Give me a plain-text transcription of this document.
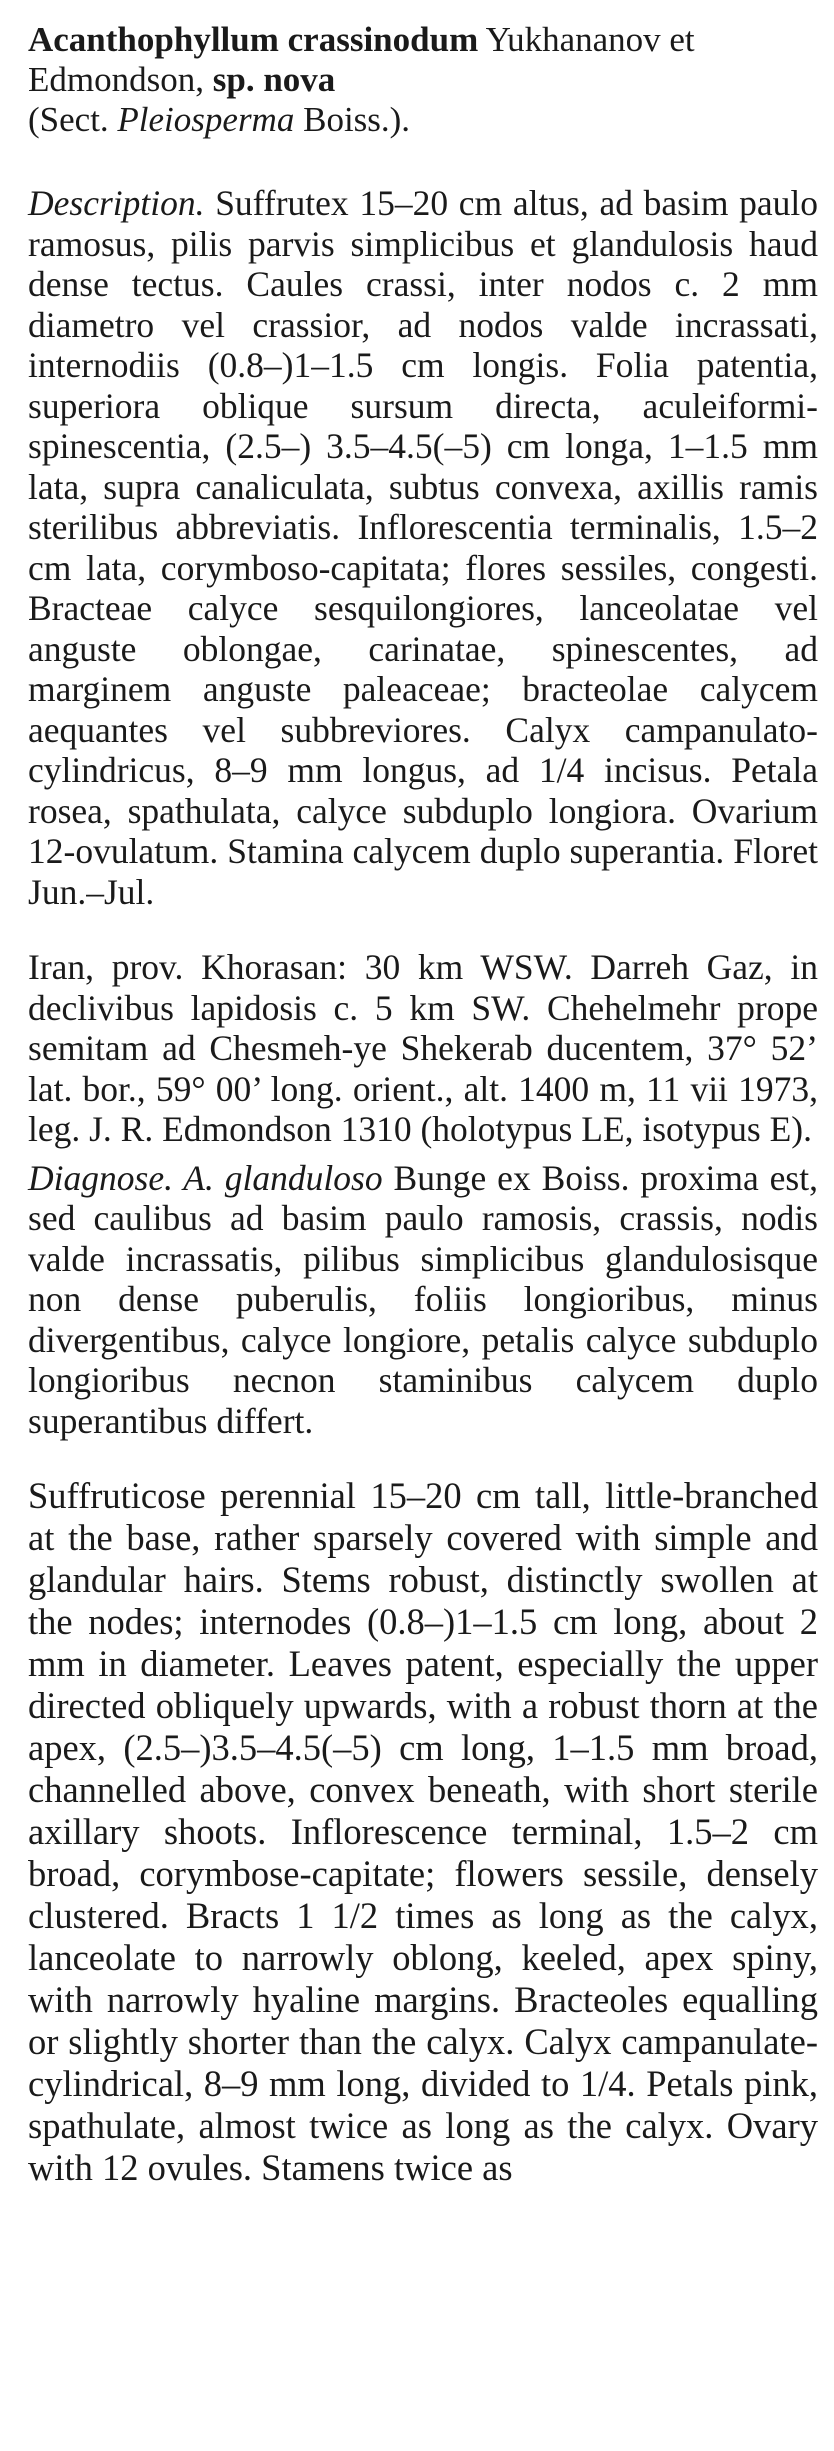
Acanthophyllum crassinodum Yukhananov et Edmondson, sp. nova
(Sect. Pleiosperma Boiss.).

Description. Suffrutex 15–20 cm altus, ad basim paulo ramosus, pilis parvis simplicibus et glandulosis haud dense tectus. Caules crassi, inter nodos c. 2 mm diametro vel crassior, ad nodos valde incrassati, internodiis (0.8–)1–1.5 cm longis. Folia patentia, superiora oblique sursum directa, aculeiformi-spinescentia, (2.5–) 3.5–4.5(–5) cm longa, 1–1.5 mm lata, supra canaliculata, subtus convexa, axillis ramis sterilibus abbreviatis. Inflorescentia terminalis, 1.5–2 cm lata, corymboso-capitata; flores sessiles, congesti. Bracteae calyce sesquilongiores, lanceolatae vel anguste oblongae, carinatae, spinescentes, ad marginem anguste paleaceae; bracteolae calycem aequantes vel subbreviores. Calyx campanulato-cylindricus, 8–9 mm longus, ad 1/4 incisus. Petala rosea, spathulata, calyce subduplo longiora. Ovarium 12-ovulatum. Stamina calycem duplo superantia. Floret Jun.–Jul.

Iran, prov. Khorasan: 30 km WSW. Darreh Gaz, in declivibus lapidosis c. 5 km SW. Chehelmehr prope semitam ad Chesmeh-ye Shekerab ducentem, 37° 52’ lat. bor., 59° 00’ long. orient., alt. 1400 m, 11 vii 1973, leg. J. R. Edmondson 1310 (holotypus LE, isotypus E).

Diagnose. A. glanduloso Bunge ex Boiss. proxima est, sed caulibus ad basim paulo ramosis, crassis, nodis valde incrassatis, pilibus simplicibus glandulosisque non dense puberulis, foliis longioribus, minus divergentibus, calyce longiore, petalis calyce subduplo longioribus necnon staminibus calycem duplo superantibus differt.

Suffruticose perennial 15–20 cm tall, little-branched at the base, rather sparsely covered with simple and glandular hairs. Stems robust, distinctly swollen at the nodes; internodes (0.8–)1–1.5 cm long, about 2 mm in diameter. Leaves patent, especially the upper directed obliquely upwards, with a robust thorn at the apex, (2.5–)3.5–4.5(–5) cm long, 1–1.5 mm broad, channelled above, convex beneath, with short sterile axillary shoots. Inflorescence terminal, 1.5–2 cm broad, corymbose-capitate; flowers sessile, densely clustered. Bracts 1 1/2 times as long as the calyx, lanceolate to narrowly oblong, keeled, apex spiny, with narrowly hyaline margins. Bracteoles equalling or slightly shorter than the calyx. Calyx campanulate-cylindrical, 8–9 mm long, divided to 1/4. Petals pink, spathulate, almost twice as long as the calyx. Ovary with 12 ovules. Stamens twice as
